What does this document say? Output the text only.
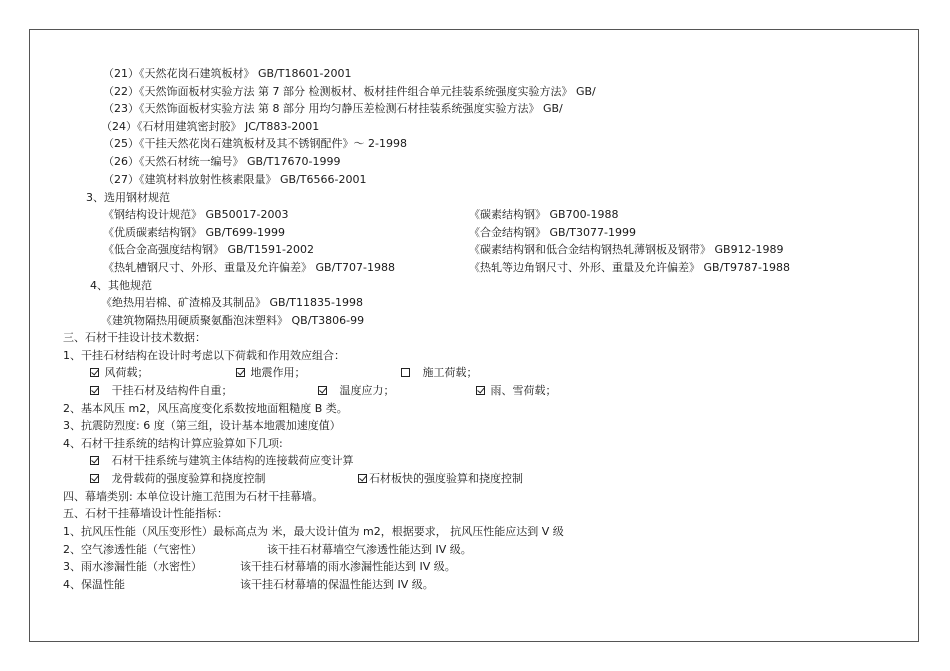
（21）《天然花岗石建筑板材》 GB/T18601-2001
（22）《天然饰面板材实验方法 第 7 部分 检测板材、板材挂件组合单元挂装系统强度实验方法》 GB/
（23）《天然饰面板材实验方法 第 8 部分 用均匀静压差检测石材挂装系统强度实验方法》 GB/
（24）《石材用建筑密封胶》 JC/T883-2001
（25）《干挂天然花岗石建筑板材及其不锈钢配件》～ 2-1998
（26）《天然石材统一编号》 GB/T17670-1999
（27）《建筑材料放射性核素限量》 GB/T6566-2001
3、选用钢材规范
《钢结构设计规范》 GB50017-2003	《碳素结构钢》 GB700-1988
《优质碳素结构钢》 GB/T699-1999	《合金结构钢》 GB/T3077-1999
《低合金高强度结构钢》 GB/T1591-2002	《碳素结构钢和低合金结构钢热轧薄钢板及钢带》 GB912-1989
《热轧槽钢尺寸、外形、重量及允许偏差》 GB/T707-1988	《热轧等边角钢尺寸、外形、重量及允许偏差》 GB/T9787-1988
4、其他规范
《绝热用岩棉、矿渣棉及其制品》 GB/T11835-1998
《建筑物隔热用硬质聚氨酯泡沫塑料》 QB/T3806-99
三、石材干挂设计技术数据：
1、干挂石材结构在设计时考虑以下荷载和作用效应组合：
风荷载；	地震作用；	施工荷载；
干挂石材及结构件自重；	温度应力；	雨、雪荷载；
2、基本风压 m2，风压高度变化系数按地面粗糙度 B 类。
3、抗震防烈度: 6 度（第三组，设计基本地震加速度值）
4、石材干挂系统的结构计算应验算如下几项:
石材干挂系统与建筑主体结构的连接载荷应变计算
龙骨载荷的强度验算和挠度控制	石材板快的强度验算和挠度控制
四、幕墙类别: 本单位设计施工范围为石材干挂幕墙。
五、石材干挂幕墙设计性能指标：
1、抗风压性能（风压变形性）最标高点为 米，最大设计值为 m2，根据要求， 抗风压性能应达到 V 级
2、空气渗透性能（气密性）	该干挂石材幕墙空气渗透性能达到 IV 级。
3、雨水渗漏性能（水密性）	该干挂石材幕墙的雨水渗漏性能达到 IV 级。
4、保温性能	该干挂石材幕墙的保温性能达到 IV 级。
